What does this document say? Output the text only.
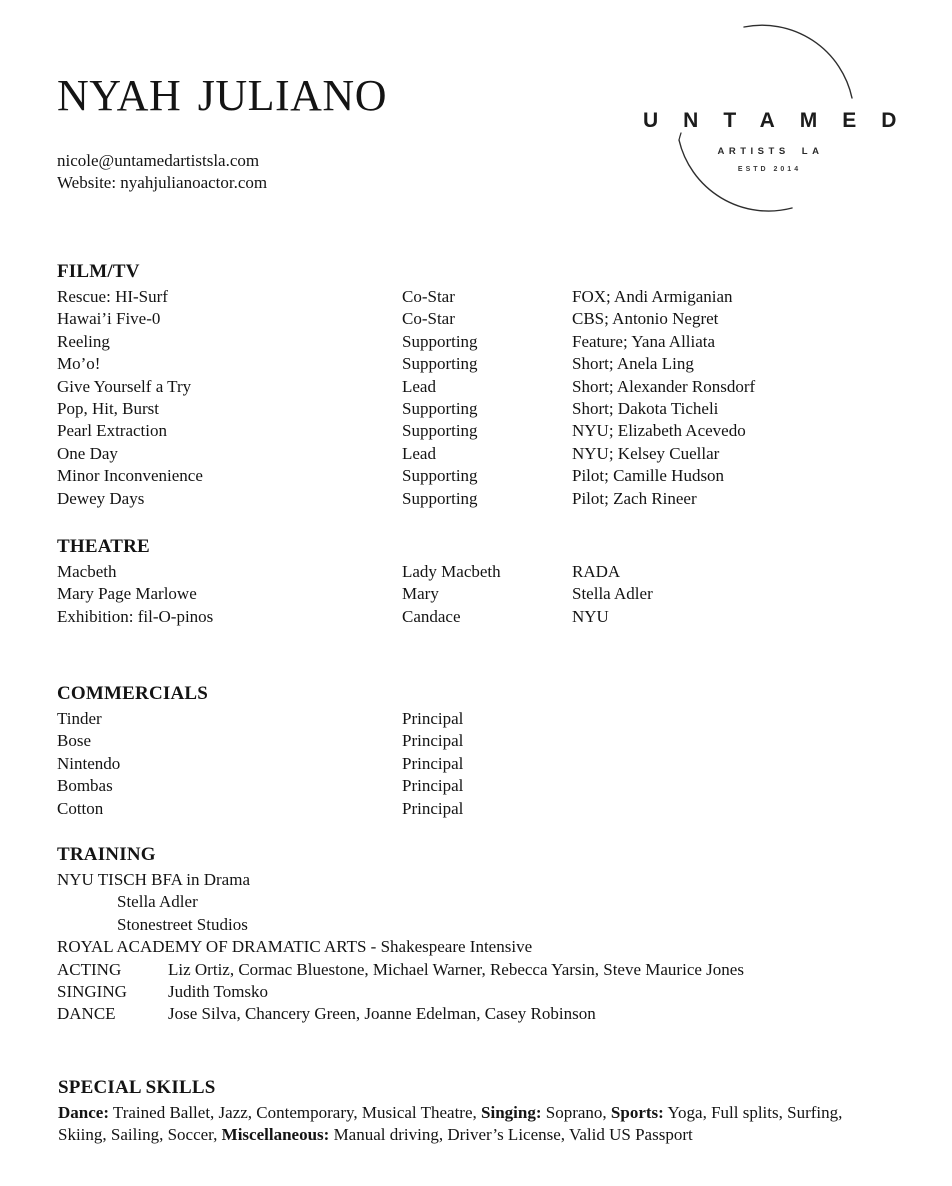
NYAH JULIANO
nicole@untamedartistsla.com
Website: nyahjulianoactor.com
UNTAMED
ARTISTS LA
ESTD 2014
FILM/TV
Rescue: HI-Surf	Co-Star	FOX; Andi Armiganian
Hawai’i Five-0	Co-Star	CBS; Antonio Negret
Reeling	Supporting	Feature; Yana Alliata
Mo’o!	Supporting	Short; Anela Ling
Give Yourself a Try	Lead	Short; Alexander Ronsdorf
Pop, Hit, Burst	Supporting	Short; Dakota Ticheli
Pearl Extraction	Supporting	NYU; Elizabeth Acevedo
One Day	Lead	NYU; Kelsey Cuellar
Minor Inconvenience	Supporting	Pilot; Camille Hudson
Dewey Days	Supporting	Pilot; Zach Rineer
THEATRE
Macbeth	Lady Macbeth	RADA
Mary Page Marlowe	Mary	Stella Adler
Exhibition: fil-O-pinos	Candace	NYU
COMMERCIALS
Tinder	Principal
Bose	Principal
Nintendo	Principal
Bombas	Principal
Cotton	Principal
TRAINING
NYU TISCH BFA in Drama
Stella Adler
Stonestreet Studios
ROYAL ACADEMY OF DRAMATIC ARTS - Shakespeare Intensive
ACTING	Liz Ortiz, Cormac Bluestone, Michael Warner, Rebecca Yarsin, Steve Maurice Jones
SINGING	Judith Tomsko
DANCE	Jose Silva, Chancery Green, Joanne Edelman, Casey Robinson
SPECIAL SKILLS

Dance: Trained Ballet, Jazz, Contemporary, Musical Theatre, Singing: Soprano, Sports: Yoga, Full splits, Surfing, Skiing, Sailing, Soccer, Miscellaneous: Manual driving, Driver’s License, Valid US Passport
